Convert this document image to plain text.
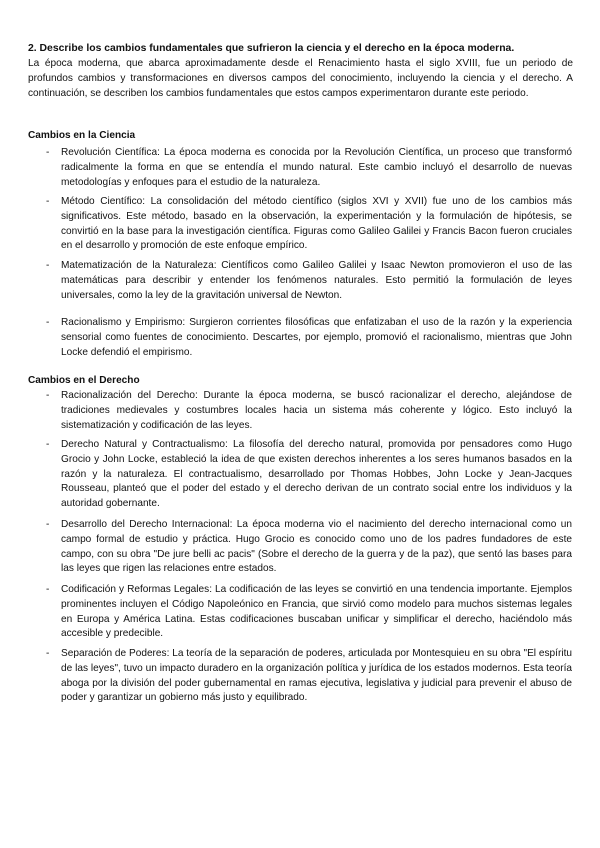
2. Describe los cambios fundamentales que sufrieron la ciencia y el derecho en la época moderna.
La época moderna, que abarca aproximadamente desde el Renacimiento hasta el siglo XVIII, fue un periodo de profundos cambios y transformaciones en diversos campos del conocimiento, incluyendo la ciencia y el derecho. A continuación, se describen los cambios fundamentales que estos campos experimentaron durante este periodo.
Cambios en la Ciencia
- Revolución Científica: La época moderna es conocida por la Revolución Científica, un proceso que transformó radicalmente la forma en que se entendía el mundo natural. Este cambio incluyó el desarrollo de nuevas metodologías y enfoques para el estudio de la naturaleza.
- Método Científico: La consolidación del método científico (siglos XVI y XVII) fue uno de los cambios más significativos. Este método, basado en la observación, la experimentación y la formulación de hipótesis, se convirtió en la base para la investigación científica. Figuras como Galileo Galilei y Francis Bacon fueron cruciales en el desarrollo y promoción de este enfoque empírico.
- Matematización de la Naturaleza: Científicos como Galileo Galilei y Isaac Newton promovieron el uso de las matemáticas para describir y entender los fenómenos naturales. Esto permitió la formulación de leyes universales, como la ley de la gravitación universal de Newton.
- Racionalismo y Empirismo: Surgieron corrientes filosóficas que enfatizaban el uso de la razón y la experiencia sensorial como fuentes de conocimiento. Descartes, por ejemplo, promovió el racionalismo, mientras que John Locke defendió el empirismo.
Cambios en el Derecho
- Racionalización del Derecho: Durante la época moderna, se buscó racionalizar el derecho, alejándose de tradiciones medievales y costumbres locales hacia un sistema más coherente y lógico. Esto incluyó la sistematización y codificación de las leyes.
- Derecho Natural y Contractualismo: La filosofía del derecho natural, promovida por pensadores como Hugo Grocio y John Locke, estableció la idea de que existen derechos inherentes a los seres humanos basados en la razón y la naturaleza. El contractualismo, desarrollado por Thomas Hobbes, John Locke y Jean-Jacques Rousseau, planteó que el poder del estado y el derecho derivan de un contrato social entre los individuos y la autoridad gobernante.
- Desarrollo del Derecho Internacional: La época moderna vio el nacimiento del derecho internacional como un campo formal de estudio y práctica. Hugo Grocio es conocido como uno de los padres fundadores de este campo, con su obra "De jure belli ac pacis" (Sobre el derecho de la guerra y de la paz), que sentó las bases para las leyes que rigen las relaciones entre estados.
- Codificación y Reformas Legales: La codificación de las leyes se convirtió en una tendencia importante. Ejemplos prominentes incluyen el Código Napoleónico en Francia, que sirvió como modelo para muchos sistemas legales en Europa y América Latina. Estas codificaciones buscaban unificar y simplificar el derecho, haciéndolo más accesible y predecible.
- Separación de Poderes: La teoría de la separación de poderes, articulada por Montesquieu en su obra "El espíritu de las leyes", tuvo un impacto duradero en la organización política y jurídica de los estados modernos. Esta teoría aboga por la división del poder gubernamental en ramas ejecutiva, legislativa y judicial para prevenir el abuso de poder y garantizar un gobierno más justo y equilibrado.
